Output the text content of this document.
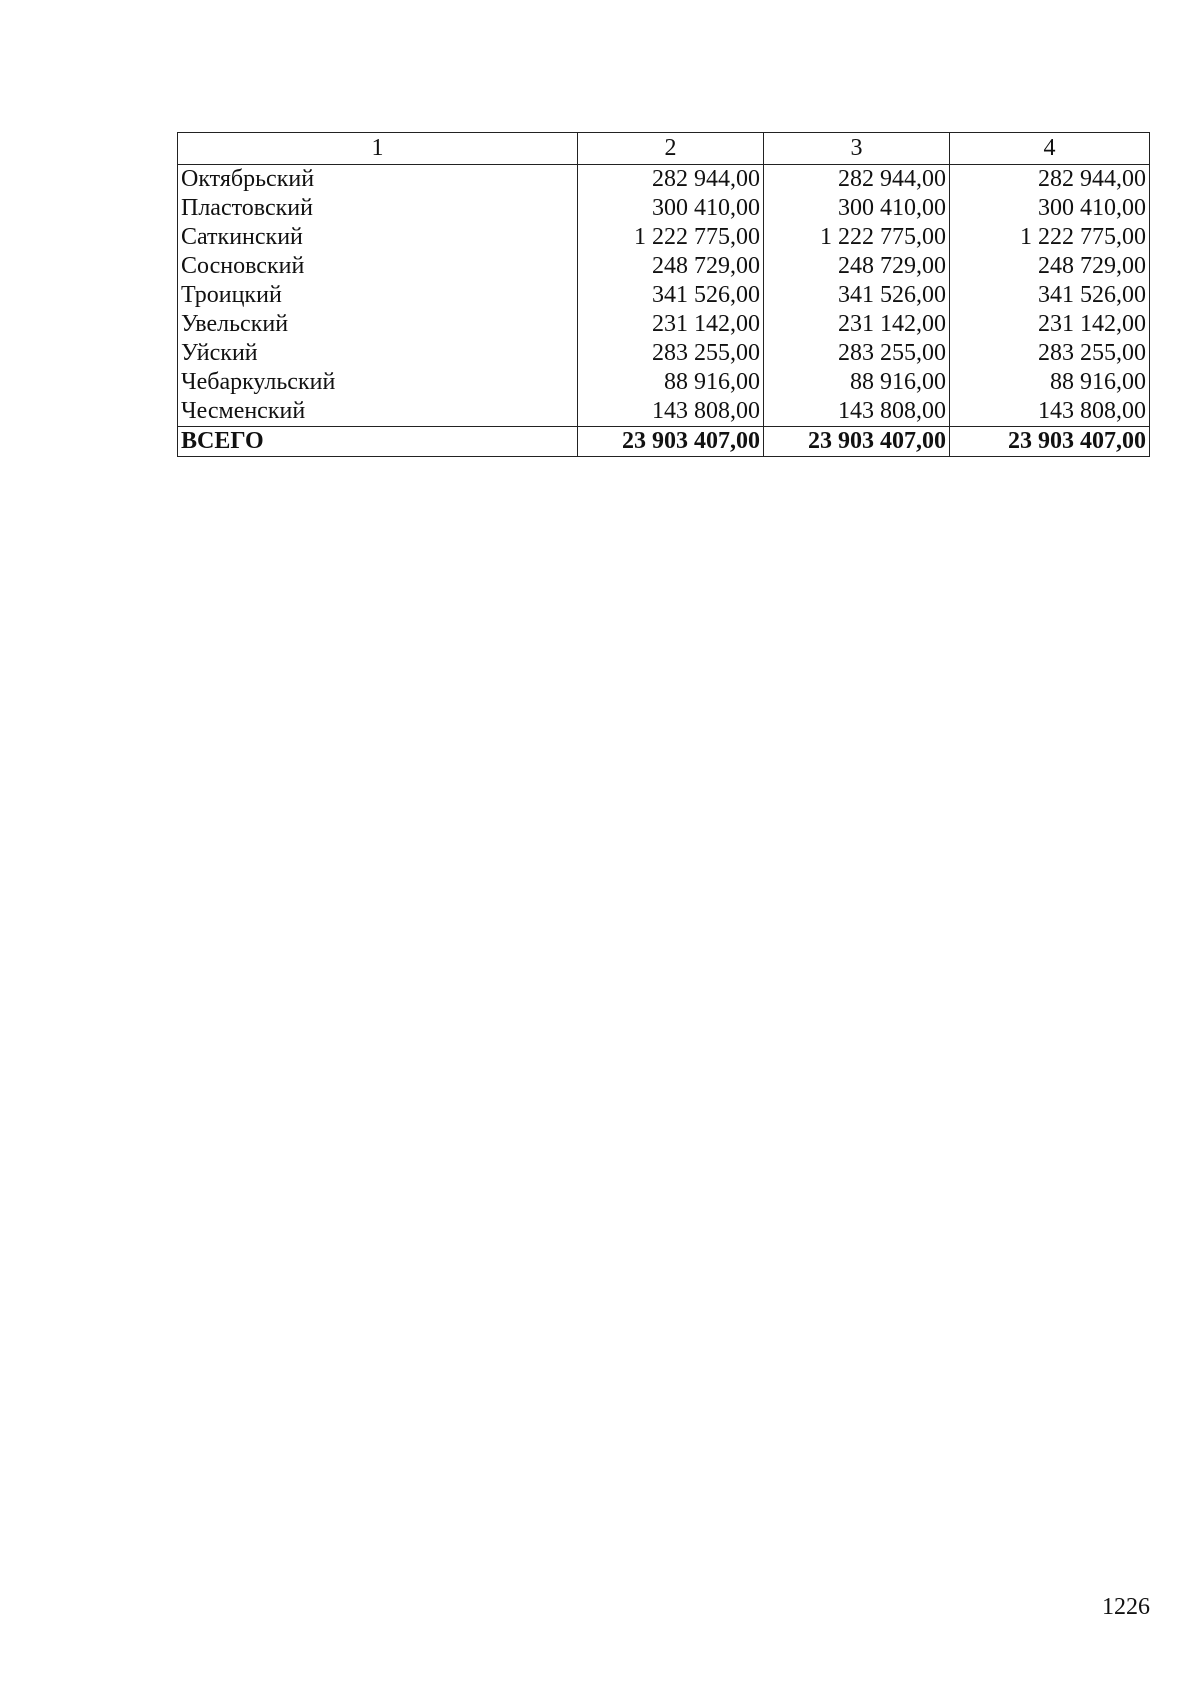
1	2	3	4
Октябрьский	282 944,00	282 944,00	282 944,00
Пластовский	300 410,00	300 410,00	300 410,00
Саткинский	1 222 775,00	1 222 775,00	1 222 775,00
Сосновский	248 729,00	248 729,00	248 729,00
Троицкий	341 526,00	341 526,00	341 526,00
Увельский	231 142,00	231 142,00	231 142,00
Уйский	283 255,00	283 255,00	283 255,00
Чебаркульский	88 916,00	88 916,00	88 916,00
Чесменский	143 808,00	143 808,00	143 808,00
ВСЕГО	23 903 407,00	23 903 407,00	23 903 407,00
1226
